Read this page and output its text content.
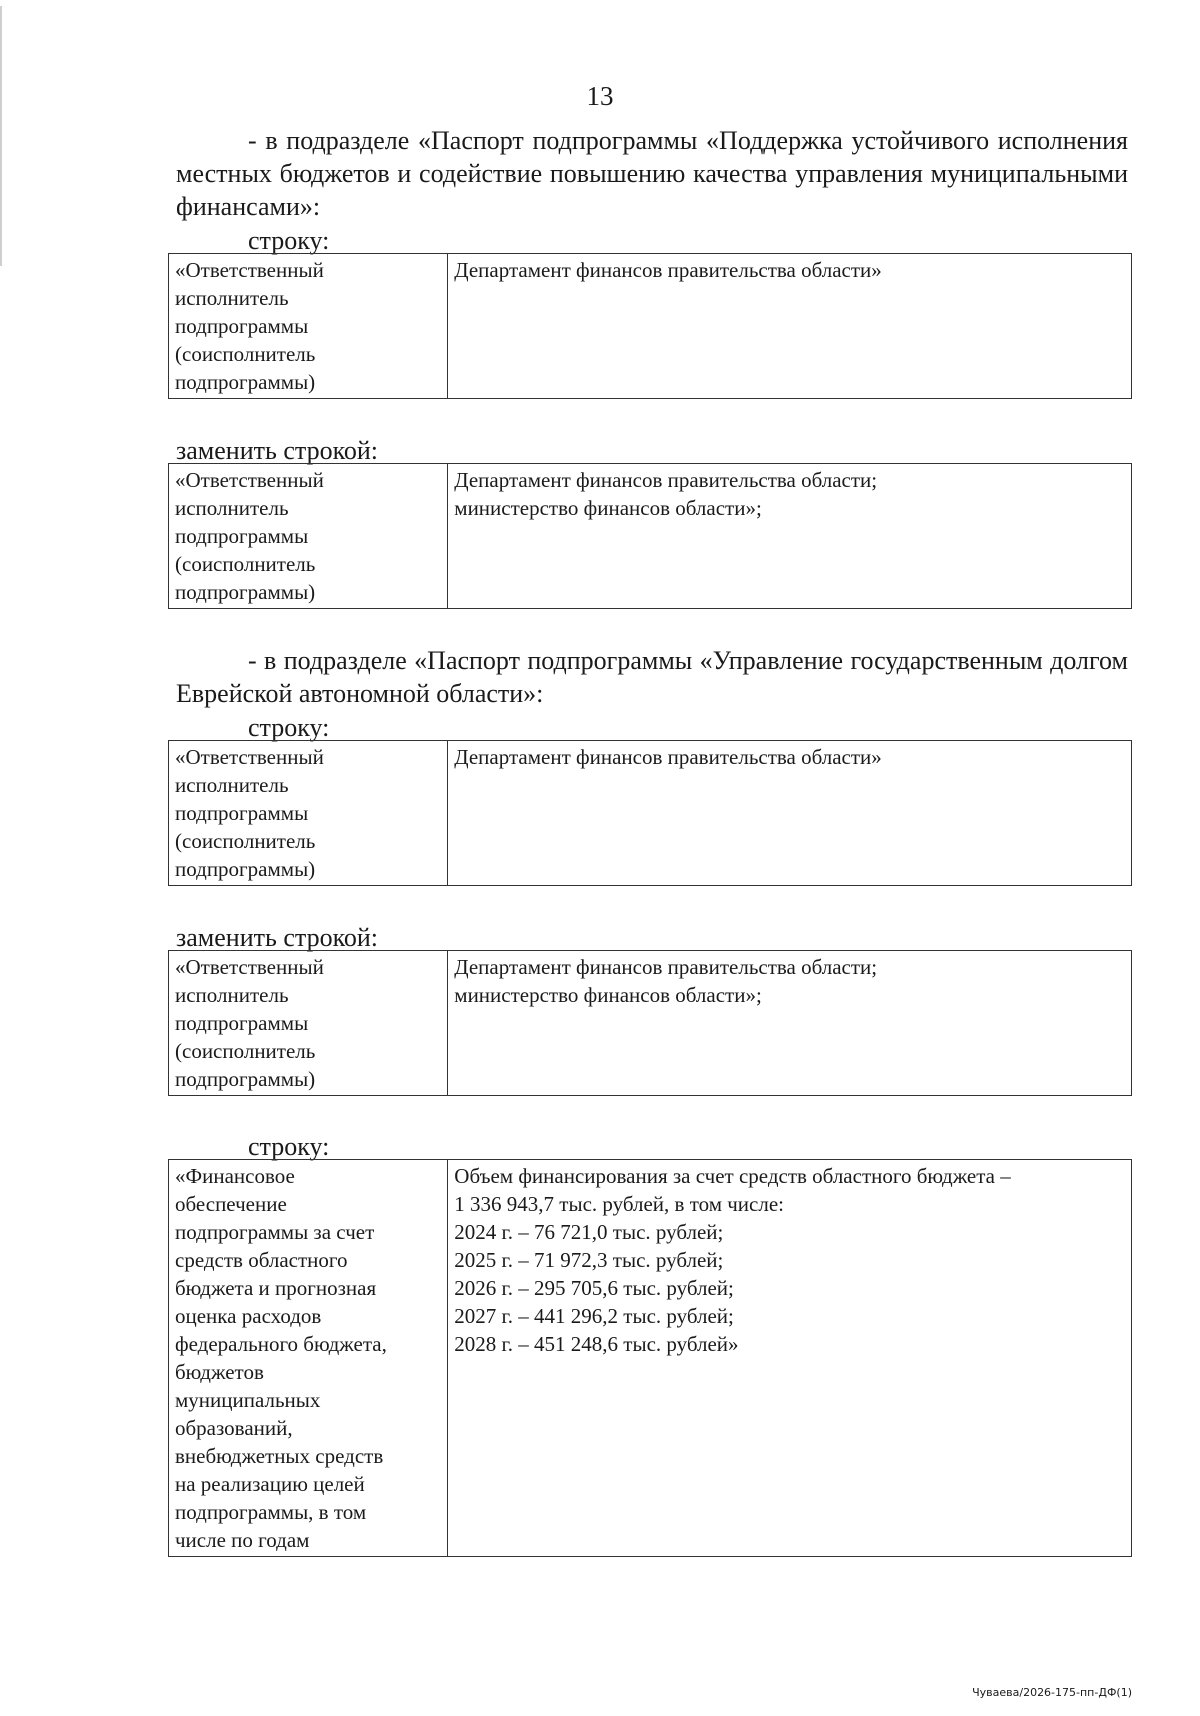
13

- в подразделе «Паспорт подпрограммы «Поддержка устойчивого исполнения местных бюджетов и содействие повышению качества управления муниципальными финансами»:

строку:

«Ответственный
исполнитель
подпрограммы
(соисполнитель
подпрограммы)	Департамент финансов правительства области»

заменить строкой:

«Ответственный
исполнитель
подпрограммы
(соисполнитель
подпрограммы)	Департамент финансов правительства области;
министерство финансов области»;

- в подразделе «Паспорт подпрограммы «Управление государственным долгом Еврейской автономной области»:

строку:

«Ответственный
исполнитель
подпрограммы
(соисполнитель
подпрограммы)	Департамент финансов правительства области»

заменить строкой:

«Ответственный
исполнитель
подпрограммы
(соисполнитель
подпрограммы)	Департамент финансов правительства области;
министерство финансов области»;

строку:

«Финансовое
обеспечение
подпрограммы за счет
средств областного
бюджета и прогнозная
оценка расходов
федерального бюджета,
бюджетов
муниципальных
образований,
внебюджетных средств
на реализацию целей
подпрограммы, в том
числе по годам	Объем финансирования за счет средств областного бюджета –
1 336 943,7 тыс. рублей, в том числе:
2024 г. – 76 721,0 тыс. рублей;
2025 г. – 71 972,3 тыс. рублей;
2026 г. – 295 705,6 тыс. рублей;
2027 г. – 441 296,2 тыс. рублей;
2028 г. – 451 248,6 тыс. рублей»
Чуваева/2026-175-пп-ДФ(1)
